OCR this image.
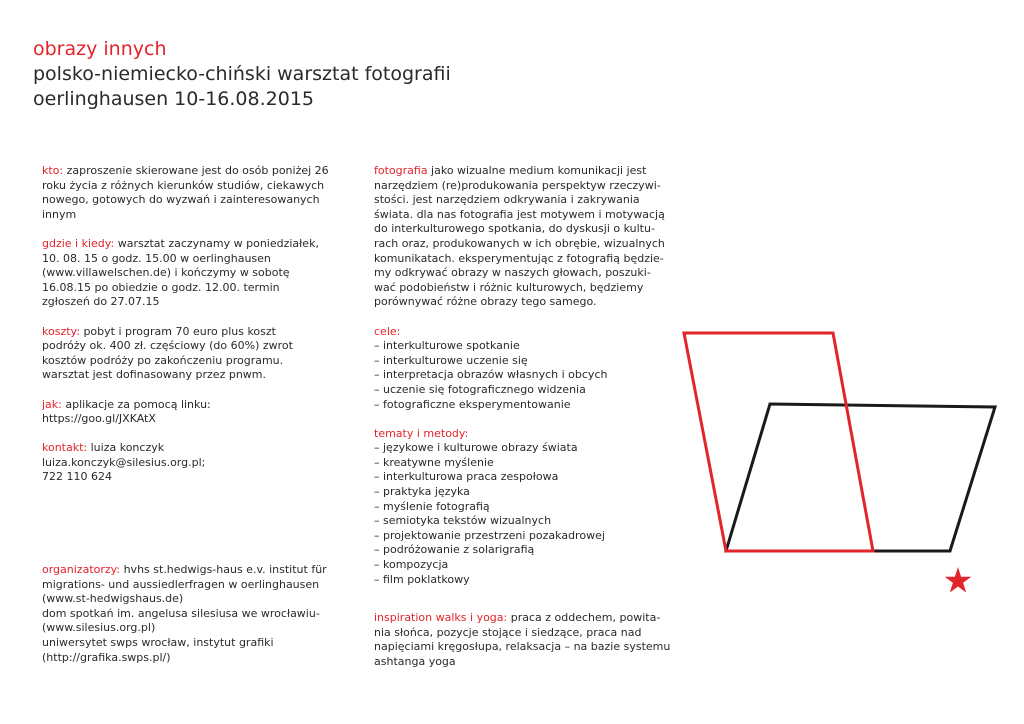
obrazy innych
polsko-niemiecko-chiński warsztat fotografii
oerlinghausen 10-16.08.2015

kto: zaproszenie skierowane jest do osób poniżej 26

roku życia z różnych kierunków studiów, ciekawych

nowego, gotowych do wyzwań i zainteresowanych

innym

gdzie i kiedy: warsztat zaczynamy w poniedziałek,

10. 08. 15 o godz. 15.00 w oerlinghausen

(www.villawelschen.de) i kończymy w sobotę

16.08.15 po obiedzie o godz. 12.00. termin

zgłoszeń do 27.07.15

koszty: pobyt i program 70 euro plus koszt

podróży ok. 400 zł. częściowy (do 60%) zwrot

kosztów podróży po zakończeniu programu.

warsztat jest dofinasowany przez pnwm.

jak: aplikacje za pomocą linku:

https://goo.gl/JXKAtX

kontakt: luiza konczyk

luiza.konczyk@silesius.org.pl;

722 110 624

organizatorzy: hvhs st.hedwigs-haus e.v. institut für

migrations- und aussiedlerfragen w oerlinghausen

(www.st-hedwigshaus.de)

dom spotkań im. angelusa silesiusa we wrocławiu-

(www.silesius.org.pl)

uniwersytet swps wrocław, instytut grafiki

(http://grafika.swps.pl/)

fotografia jako wizualne medium komunikacji jest

narzędziem (re)produkowania perspektyw rzeczywi-

stości. jest narzędziem odkrywania i zakrywania

świata. dla nas fotografia jest motywem i motywacją

do interkulturowego spotkania, do dyskusji o kultu-

rach oraz, produkowanych w ich obrębie, wizualnych

komunikatach. eksperymentując z fotografią będzie-

my odkrywać obrazy w naszych głowach, poszuki-

wać podobieństw i różnic kulturowych, będziemy

porównywać różne obrazy tego samego.

cele:

– interkulturowe spotkanie
– interkulturowe uczenie się
– interpretacja obrazów własnych i obcych
– uczenie się fotograficznego widzenia
– fotograficzne eksperymentowanie

tematy i metody:

– językowe i kulturowe obrazy świata
– kreatywne myślenie
– interkulturowa praca zespołowa
– praktyka języka
– myślenie fotografią
– semiotyka tekstów wizualnych
– projektowanie przestrzeni pozakadrowej
– podróżowanie z solarigrafią
– kompozycja
– film poklatkowy

inspiration walks i yoga: praca z oddechem, powita-

nia słońca, pozycje stojące i siedzące, praca nad

napięciami kręgosłupa, relaksacja – na bazie systemu

ashtanga yoga
